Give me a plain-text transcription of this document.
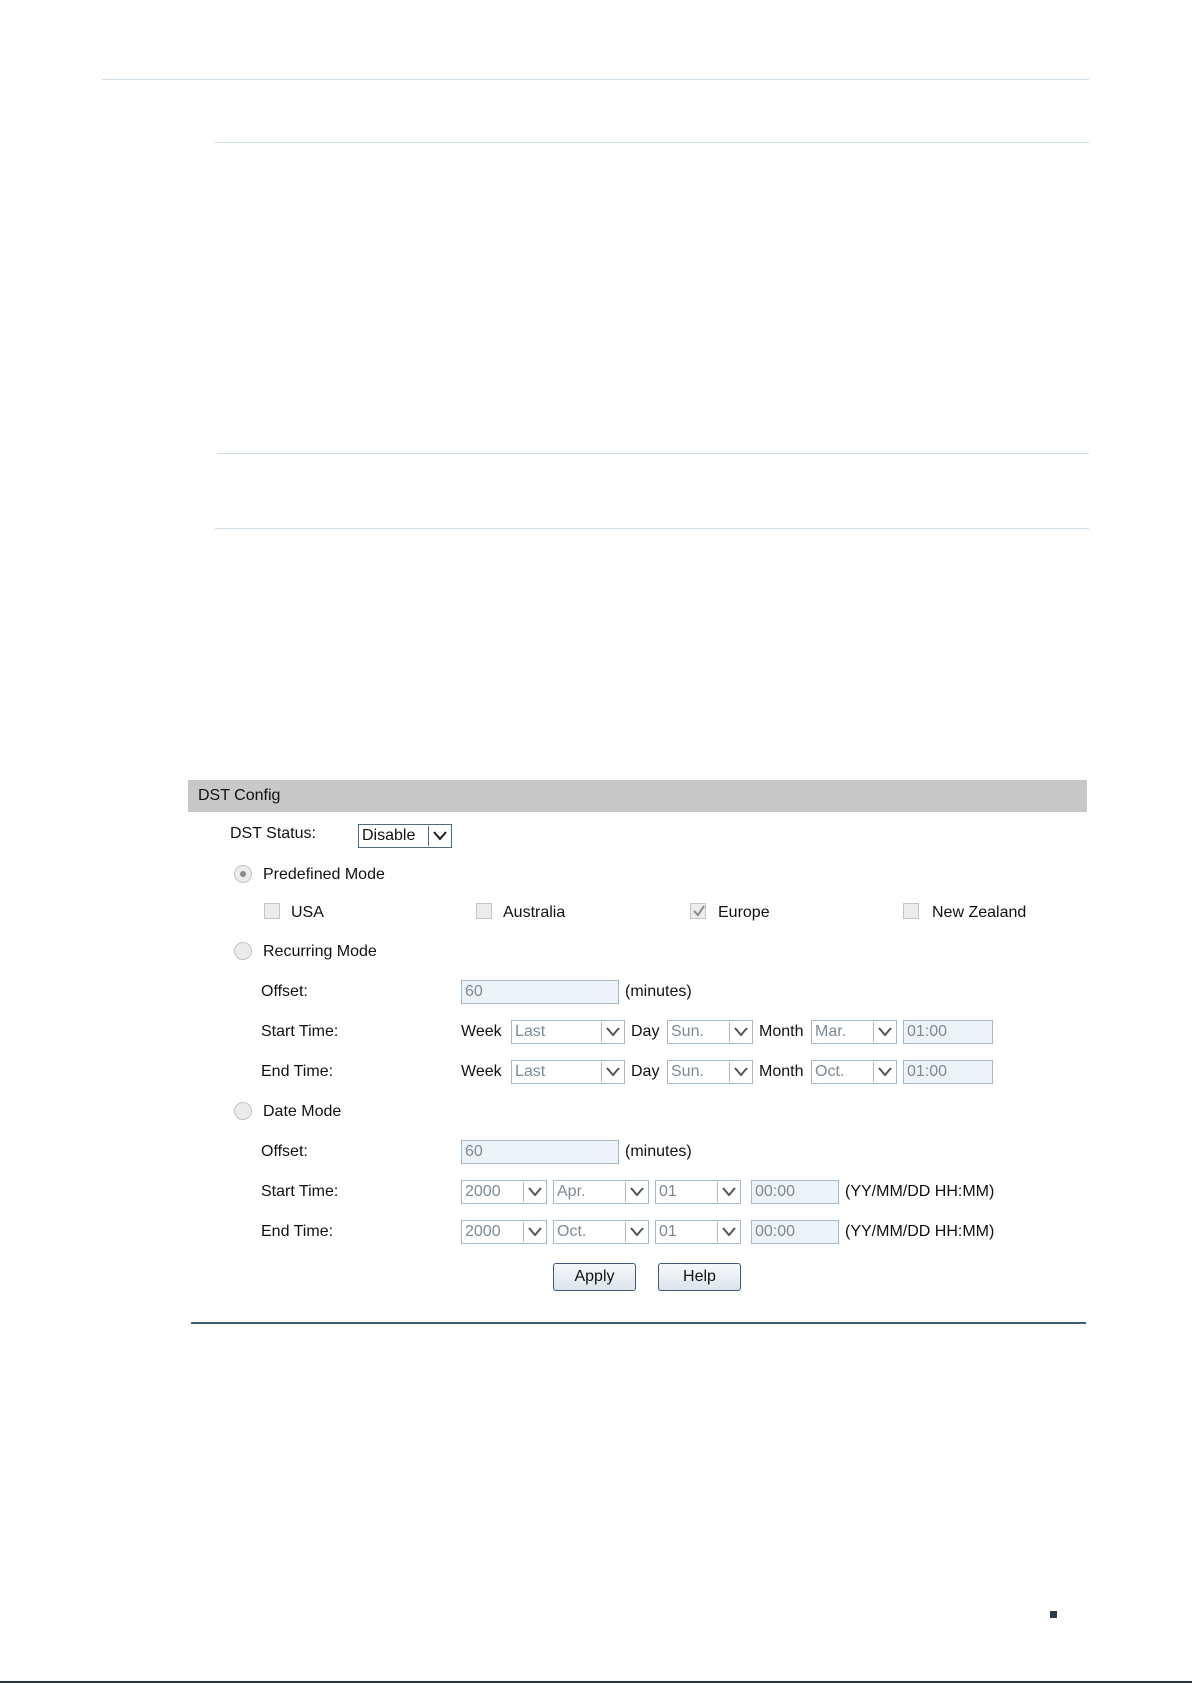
DST Config
DST Status:	Disable
Predefined Mode
USA	Australia	Europe	New Zealand
Recurring Mode
Offset:	60	(minutes)
Start Time:	Week Last	Day Sun.	Month Mar.	01:00
End Time:	Week Last	Day Sun.	Month Oct.	01:00
Date Mode
Offset:	60	(minutes)
Start Time:	2000	Apr.	01	00:00	(YY/MM/DD HH:MM)
End Time:	2000	Oct.	01	00:00	(YY/MM/DD HH:MM)
Apply	Help
